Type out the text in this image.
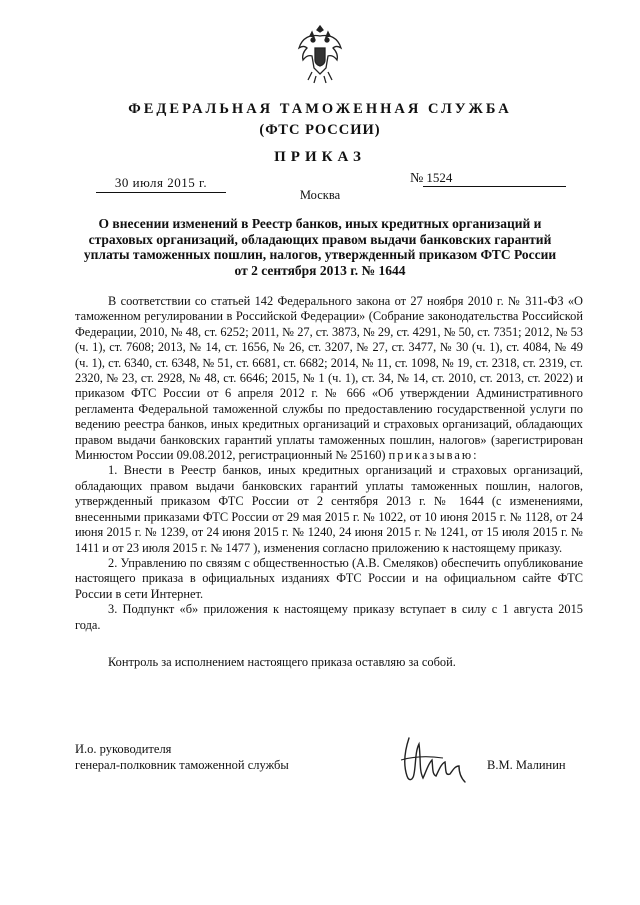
ФЕДЕРАЛЬНАЯ ТАМОЖЕННАЯ СЛУЖБА
(ФТС РОССИИ)
ПРИКАЗ
30 июля 2015 г.	№ 1524
Москва
О внесении изменений в Реестр банков, иных кредитных организаций и
страховых организаций, обладающих правом выдачи банковских гарантий
уплаты таможенных пошлин, налогов, утвержденный приказом ФТС России
от 2 сентября 2013 г. № 1644

В соответствии со статьей 142 Федерального закона от 27 ноября 2010 г. № 311-ФЗ «О таможенном регулировании в Российской Федерации» (Собрание законодательства Российской Федерации, 2010, № 48, ст. 6252; 2011, № 27, ст. 3873, № 29, ст. 4291, № 50, ст. 7351; 2012, № 53 (ч. 1), ст. 7608; 2013, № 14, ст. 1656, № 26, ст. 3207, № 27, ст. 3477, № 30 (ч. 1), ст. 4084, № 49 (ч. 1), ст. 6340, ст. 6348, № 51, ст. 6681, ст. 6682; 2014, № 11, ст. 1098, № 19, ст. 2318, ст. 2319, ст. 2320, № 23, ст. 2928, № 48, ст. 6646; 2015, № 1 (ч. 1), ст. 34, № 14, ст. 2010, ст. 2013, ст. 2022) и приказом ФТС России от 6 апреля 2012 г. № 666 «Об утверждении Административного регламента Федеральной таможенной службы по предоставлению государственной услуги по ведению реестра банков, иных кредитных организаций и страховых организаций, обладающих правом выдачи банковских гарантий уплаты таможенных пошлин, налогов» (зарегистрирован Минюстом России 09.08.2012, регистрационный № 25160) приказываю:

1. Внести в Реестр банков, иных кредитных организаций и страховых организаций, обладающих правом выдачи банковских гарантий уплаты таможенных пошлин, налогов, утвержденный приказом ФТС России от 2 сентября 2013 г. № 1644 (с изменениями, внесенными приказами ФТС России от 29 мая 2015 г. № 1022, от 10 июня 2015 г. № 1128, от 24 июня 2015 г. № 1239, от 24 июня 2015 г. № 1240, 24 июня 2015 г. № 1241, от 15 июля 2015 г. № 1411 и от 23 июля 2015 г. № 1477 ), изменения согласно приложению к настоящему приказу.

2. Управлению по связям с общественностью (А.В. Смеляков) обеспечить опубликование настоящего приказа в официальных изданиях ФТС России и на официальном сайте ФТС России в сети Интернет.

3. Подпункт «б» приложения к настоящему приказу вступает в силу с 1 августа 2015 года.

Контроль за исполнением настоящего приказа оставляю за собой.

И.о. руководителя
генерал-полковник таможенной службы	В.М. Малинин
